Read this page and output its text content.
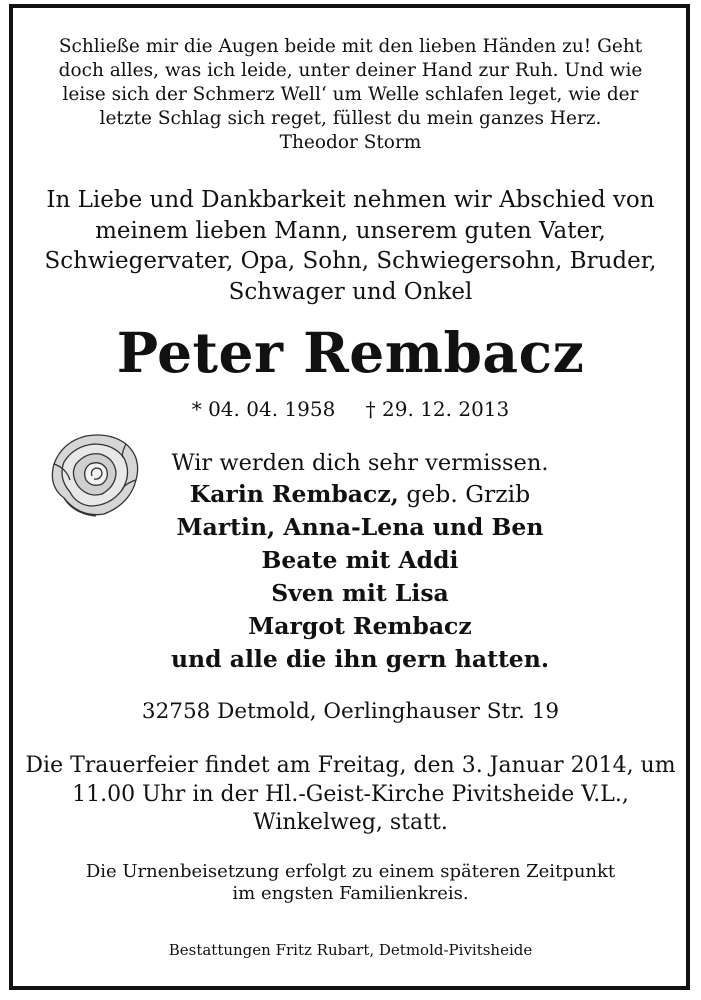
Schließe mir die Augen beide mit den lieben Händen zu! Geht
doch alles, was ich leide, unter deiner Hand zur Ruh. Und wie
leise sich der Schmerz Well‘ um Welle schlafen leget, wie der
letzte Schlag sich reget, füllest du mein ganzes Herz.
Theodor Storm
In Liebe und Dankbarkeit nehmen wir Abschied von
meinem lieben Mann, unserem guten Vater,
Schwiegervater, Opa, Sohn, Schwiegersohn, Bruder,
Schwager und Onkel
Peter Rembacz
* 04. 04. 1958 † 29. 12. 2013
Wir werden dich sehr vermissen.
Karin Rembacz, geb. Grzib
Martin, Anna-Lena und Ben
Beate mit Addi
Sven mit Lisa
Margot Rembacz
und alle die ihn gern hatten.
32758 Detmold, Oerlinghauser Str. 19
Die Trauerfeier findet am Freitag, den 3. Januar 2014, um
11.00 Uhr in der Hl.-Geist-Kirche Pivitsheide V.L.,
Winkelweg, statt.
Die Urnenbeisetzung erfolgt zu einem späteren Zeitpunkt
im engsten Familienkreis.
Bestattungen Fritz Rubart, Detmold-Pivitsheide
